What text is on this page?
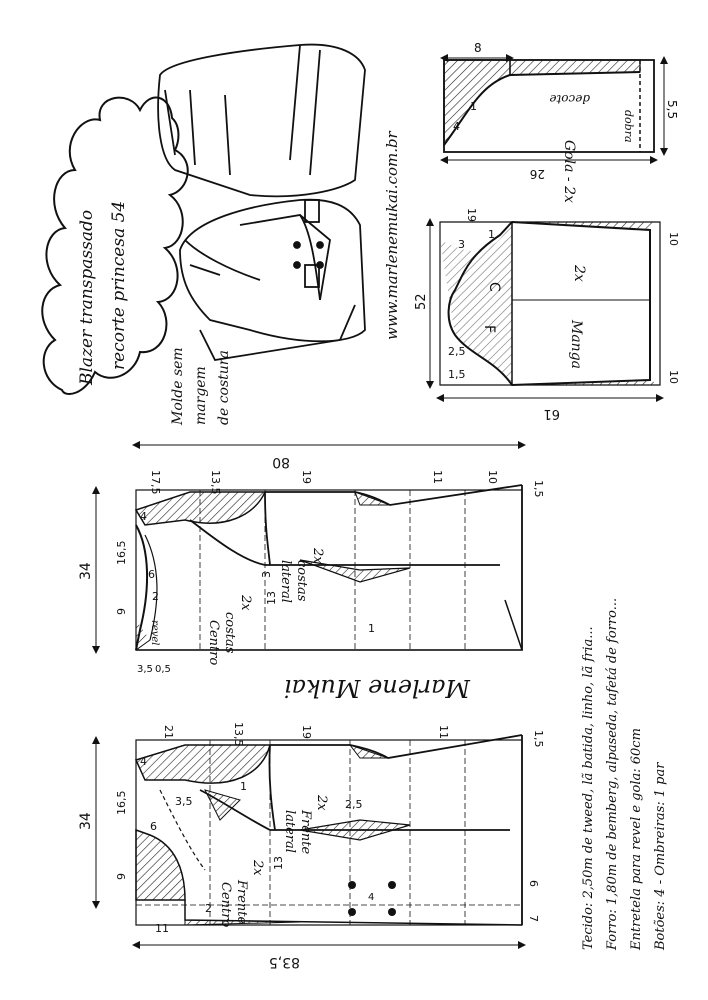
Blazer transpassado recorte princesa 54
Molde sem margem de costura
www.marlenemukai.com.br	Gola - 2x
decote
dobra
8
26
5,5
4
1
F
C
Manga
2x
52
61
19
3
1
2,5
1,5
10
10
Centro costas
2x lateral costas
2x
revel
80
34
17,5	13,5	19	11	10
1,5
9
16,5
6
4
13
3
3,5 0,5
1
2
Marlene Mukai
Centro Frente
2x
lateral Frente
2x
83,5
34
21	13,5	19	11	1,5
9
16,5
6
4
13
3,5	2,5
2
1
11
7
6
4	Tecido: 2,50m de tweed, lã batida, linho, lã fria... Forro: 1,80m de bemberg, alpaseda, tafetá de forro... Entretela para revel e gola: 60cm Botões: 4 - Ombreiras: 1 par
